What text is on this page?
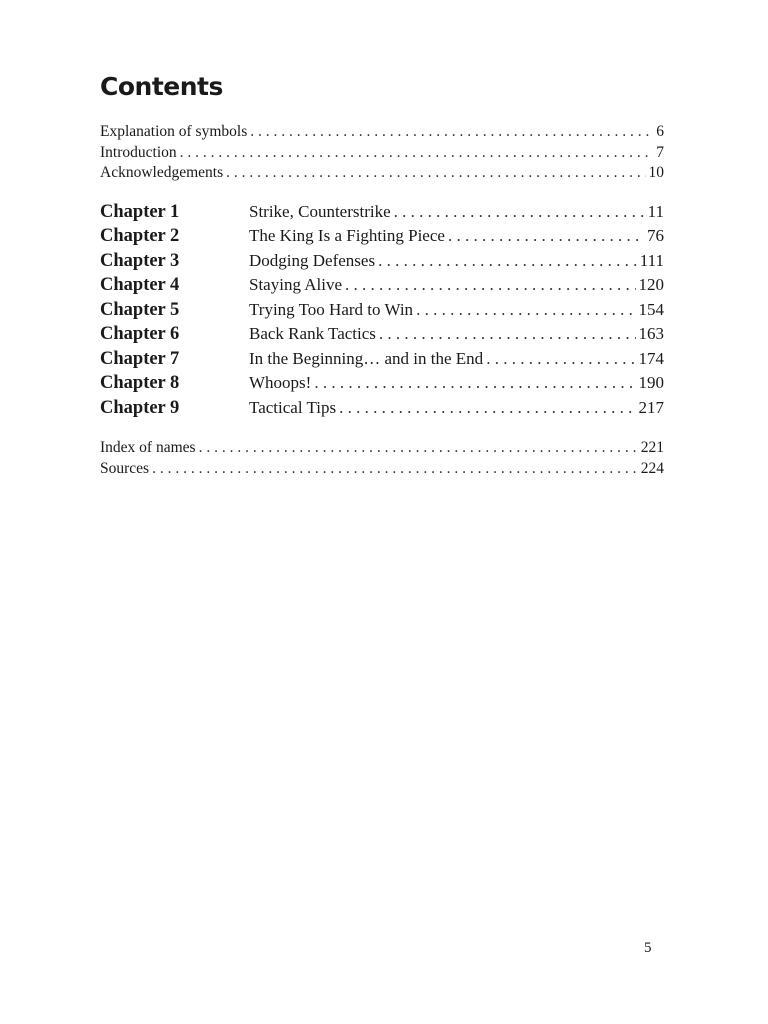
Contents
Explanation of symbols . . .	6
Introduction . . .	7
Acknowledgements . . .	10
Chapter 1	Strike, Counterstrike . . .	11
Chapter 2	The King Is a Fighting Piece . . .	76
Chapter 3	Dodging Defenses . . .	111
Chapter 4	Staying Alive . . .	120
Chapter 5	Trying Too Hard to Win . . .	154
Chapter 6	Back Rank Tactics . . .	163
Chapter 7	In the Beginning… and in the End . . .	174
Chapter 8	Whoops! . . .	190
Chapter 9	Tactical Tips . . .	217
Index of names . . .	221
Sources . . .	224
5
